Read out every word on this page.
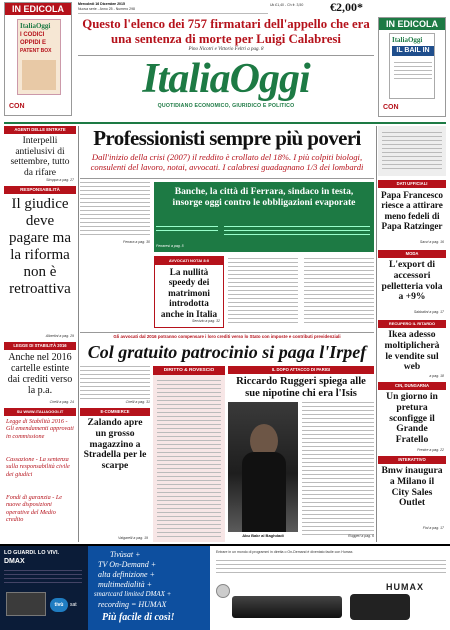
IN EDICOLA
ItaliaOggi
I CODICI
OPPIDI E
PATENT BOX
CON
Mercoledì 16 Dicembre 2015
Nuova serie - Anno 25 - Numero 298
Uk £1,40 - Ch fr. 3,50	€2,00*
Questo l'elenco dei 757 firmatari dell'appello che era una sentenza di morte per Luigi Calabresi
Pino Nicotri e Vittorio Feltri a pag. 8
ItaliaOggi
QUOTIDIANO ECONOMICO, GIURIDICO E POLITICO
IN EDICOLA
ItaliaOggi
IL BAIL IN
CON
AGENTI DELLE ENTRATE
Interpelli antielusivi di settembre, tutto da rifare
Stroppa a pag. 27
RESPONSABILITÀ
Il giudice deve pagare ma la riforma non è retroattiva
Albertini a pag. 29
LEGGE DI STABILITÀ 2016
Anche nel 2016 cartelle estinte dai crediti verso la p.a.
Cirelli a pag. 24
SU WWW.ITALIAOGGI.IT
Legge di Stabilità 2016 - Gli emendamenti approvati in commissione
Cassazione - La sentenza sulla responsabilità civile dei giudici
Fondi di garanzia - Le nuove disposizioni operative del Medio credito
Professionisti sempre più poveri
Dall'inizio della crisi (2007) il reddito è crollato del 18%. I più colpiti biologi, consulenti del lavoro, notai, avvocati. I calabresi guadagnano 1/3 dei lombardi
Ferrara a pag. 30
Banche, la città di Ferrara, sindaco in testa, insorge oggi contro le obbligazioni evaporate
Ferraresi a pag. 5
AVVOCATI NOTAI 8:0
La nullità speedy dei matrimoni introdotta anche in Italia
Servizio a pag. 32
Gli avvocati dal 2016 potranno compensare i loro crediti verso lo Stato con imposte e contributi previdenziali
Col gratuito patrocinio si paga l'Irpef
Cirelli a pag. 31
E-COMMERCE
Zalando apre un grosso magazzino a Stradella per le scarpe
Valgarelli a pag. 19
DIRITTO & ROVESCIO	IL DOPO ATTACCO DI PARIGI
Riccardo Ruggeri spiega alle sue nipotine chi era l'Isis
Abu Bakr al Baghdadi	Ruggeri a pag. 6
DATI UFFICIALI
Papa Francesco riesce a attirare meno fedeli di Papa Ratzinger
Savvi a pag. 16
MODA
L'export di accessori pelletteria vola a +9%
Sabbatini a pag. 17
RECUPERO IL RITARDO
Ikea adesso moltiplicherà le vendite sul web
a pag. 18
CIN, DUNGARNA
Un giorno in pretura sconfigge il Grande Fratello
Prestre a pag. 22
INTERATTIVO
Bmw inaugura a Milano il City Sales Outlet
Fiol a pag. 17
LO GUARDI. LO VIVI.
DMAX
tivù	sat
Tivùsat +
TV On-Demand +
alta definizione +
multimedialità +
smartcard limited DMAX +
recording = HUMAX
Più facile di così!
Entrare in un mondo di programmi in diretta o On-Demand è diventato facile con Humax.
HUMAX
